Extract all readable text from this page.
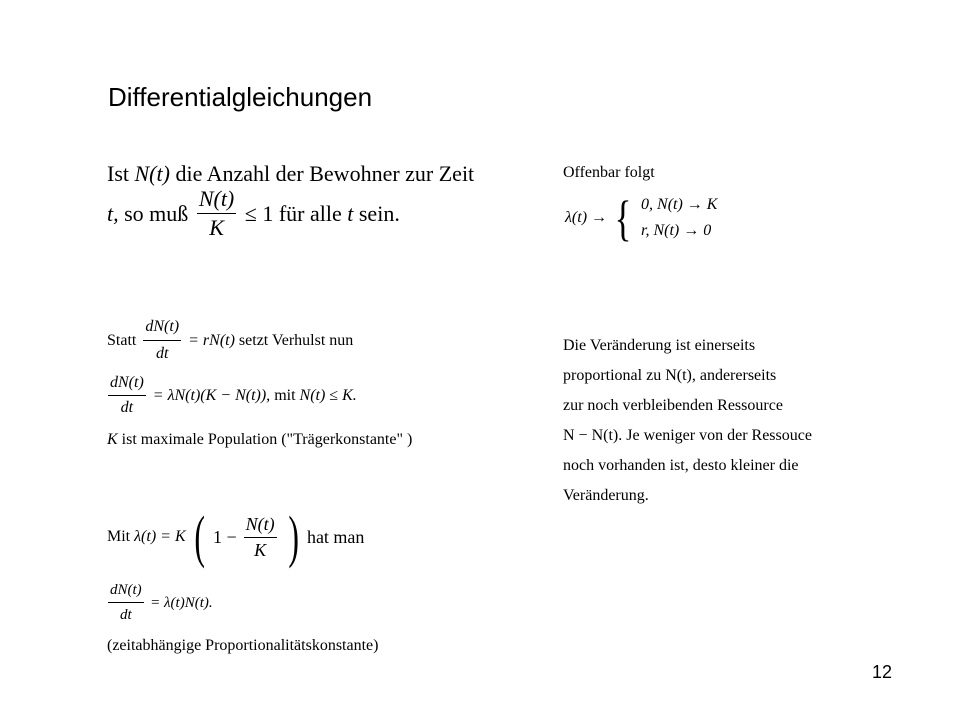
Differentialgleichungen
Ist N(t) die Anzahl der Bewohner zur Zeit
t, so muß $\frac{N(t)}{K} \le 1$ für alle t sein.
Offenbar folgt
λ(t) → { 0, N(t) → K
r, N(t) → 0
Statt $\frac{dN(t)}{dt} = rN(t)$ setzt Verhulst nun
$\frac{dN(t)}{dt} = \lambda N(t)(K - N(t))$, mit N(t) ≤ K.
K ist maximale Population ("Trägerkonstante" )
Die Veränderung ist einerseits
proportional zu N(t), andererseits
zur noch verbleibenden Ressource
N − N(t). Je weniger von der Ressouce
noch vorhanden ist, desto kleiner die
Veränderung.
Mit λ(t) = K ( $1 - \frac{N(t)}{K}$ ) hat man
$\frac{dN(t)}{dt} = \lambda(t)N(t)$.
(zeitabhängige Proportionalitätskonstante)
12
